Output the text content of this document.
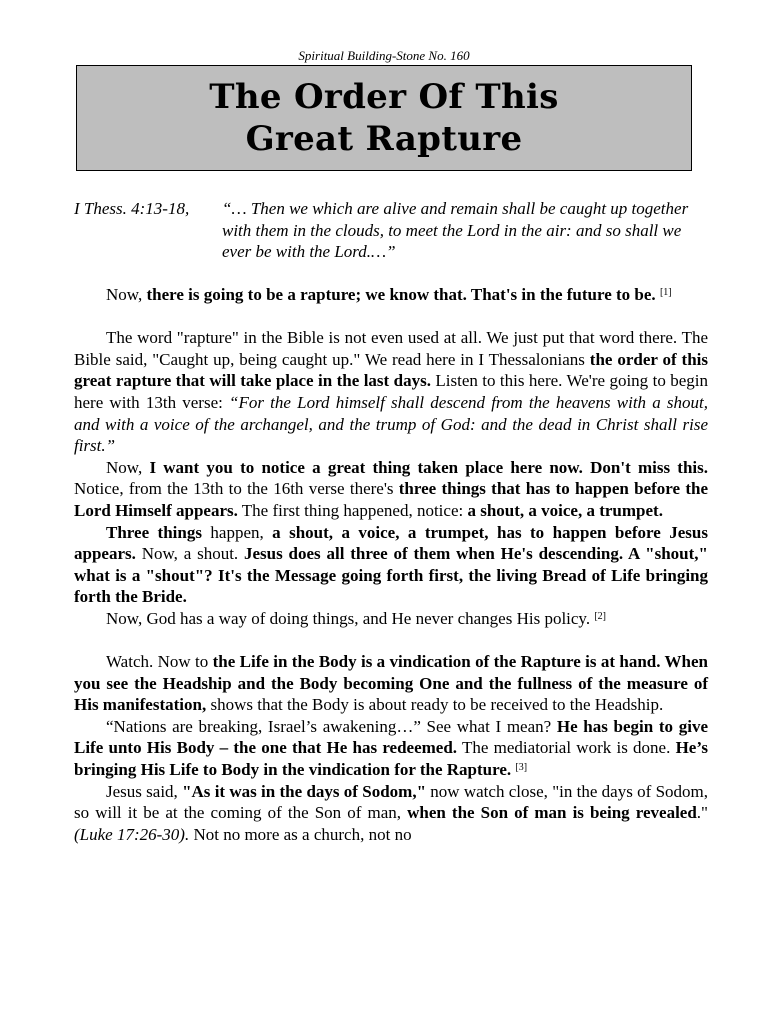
Spiritual Building-Stone No. 160
The Order Of This
Great Rapture
I Thess. 4:13-18, “… Then we which are alive and remain shall be caught up together with them in the clouds, to meet the Lord in the air: and so shall we ever be with the Lord.…”

Now, there is going to be a rapture; we know that. That's in the future to be. [1]

The word "rapture" in the Bible is not even used at all. We just put that word there. The Bible said, "Caught up, being caught up." We read here in I Thessalonians the order of this great rapture that will take place in the last days. Listen to this here. We're going to begin here with 13th verse: “For the Lord himself shall descend from the heavens with a shout, and with a voice of the archangel, and the trump of God: and the dead in Christ shall rise first.”

Now, I want you to notice a great thing taken place here now. Don't miss this. Notice, from the 13th to the 16th verse there's three things that has to happen before the Lord Himself appears. The first thing happened, notice: a shout, a voice, a trumpet.

Three things happen, a shout, a voice, a trumpet, has to happen before Jesus appears. Now, a shout. Jesus does all three of them when He's descending. A "shout," what is a "shout"? It's the Message going forth first, the living Bread of Life bringing forth the Bride.

Now, God has a way of doing things, and He never changes His policy. [2]

Watch. Now to the Life in the Body is a vindication of the Rapture is at hand. When you see the Headship and the Body becoming One and the fullness of the measure of His manifestation, shows that the Body is about ready to be received to the Headship.

“Nations are breaking, Israel’s awakening…” See what I mean? He has begin to give Life unto His Body – the one that He has redeemed. The mediatorial work is done. He’s bringing His Life to Body in the vindication for the Rapture. [3]

Jesus said, "As it was in the days of Sodom," now watch close, "in the days of Sodom, so will it be at the coming of the Son of man, when the Son of man is being revealed." (Luke 17:26-30). Not no more as a church, not no
